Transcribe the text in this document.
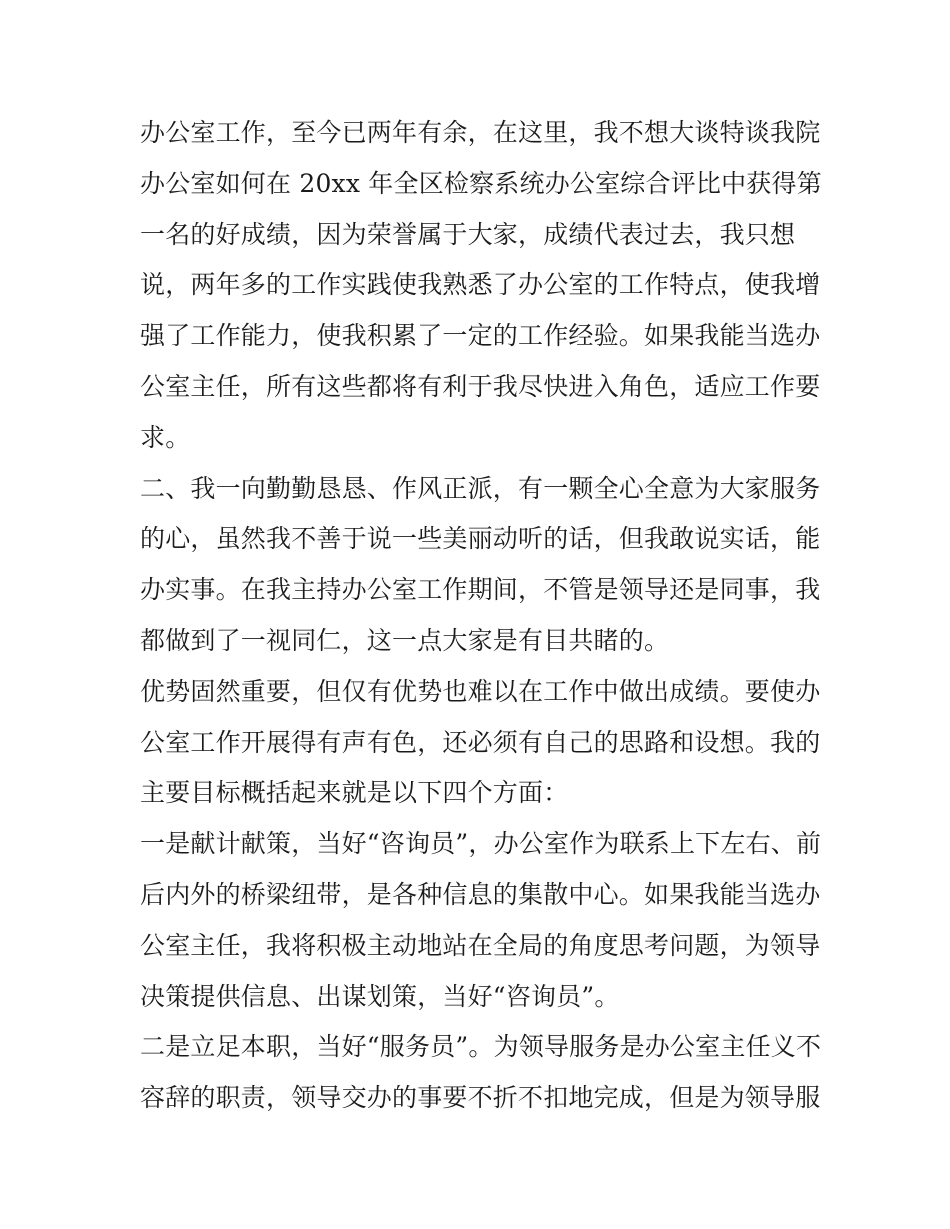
办公室工作，至今已两年有余，在这里，我不想大谈特谈我院
办公室如何在 20xx 年全区检察系统办公室综合评比中获得第
一名的好成绩，因为荣誉属于大家，成绩代表过去，我只想
说，两年多的工作实践使我熟悉了办公室的工作特点，使我增
强了工作能力，使我积累了一定的工作经验。如果我能当选办
公室主任，所有这些都将有利于我尽快进入角色，适应工作要
求。
二、我一向勤勤恳恳、作风正派，有一颗全心全意为大家服务
的心，虽然我不善于说一些美丽动听的话，但我敢说实话，能
办实事。在我主持办公室工作期间，不管是领导还是同事，我
都做到了一视同仁，这一点大家是有目共睹的。
优势固然重要，但仅有优势也难以在工作中做出成绩。要使办
公室工作开展得有声有色，还必须有自己的思路和设想。我的
主要目标概括起来就是以下四个方面：
一是献计献策，当好“咨询员”，办公室作为联系上下左右、前
后内外的桥梁纽带，是各种信息的集散中心。如果我能当选办
公室主任，我将积极主动地站在全局的角度思考问题，为领导
决策提供信息、出谋划策，当好“咨询员”。
二是立足本职，当好“服务员”。为领导服务是办公室主任义不
容辞的职责，领导交办的事要不折不扣地完成，但是为领导服
